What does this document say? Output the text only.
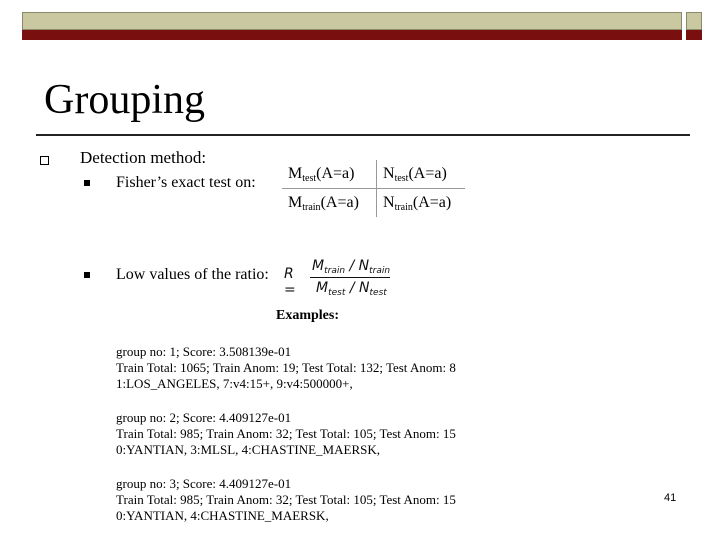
Grouping
Detection method:
Fisher’s exact test on:
Low values of the ratio:
$M_{test}(A=a)$	$N_{test}(A=a)$
$M_{train}(A=a)$	$N_{train}(A=a)$
R =
$M_{train} / N_{train}$
$M_{test} / N_{test}$
Examples:
group no: 1; Score: 3.508139e-01
Train Total: 1065; Train Anom: 19; Test Total: 132; Test Anom: 8
1:LOS_ANGELES, 7:v4:15+, 9:v4:500000+,
group no: 2; Score: 4.409127e-01
Train Total: 985; Train Anom: 32; Test Total: 105; Test Anom: 15
0:YANTIAN, 3:MLSL, 4:CHASTINE_MAERSK,
group no: 3; Score: 4.409127e-01
Train Total: 985; Train Anom: 32; Test Total: 105; Test Anom: 15
0:YANTIAN, 4:CHASTINE_MAERSK,
41
